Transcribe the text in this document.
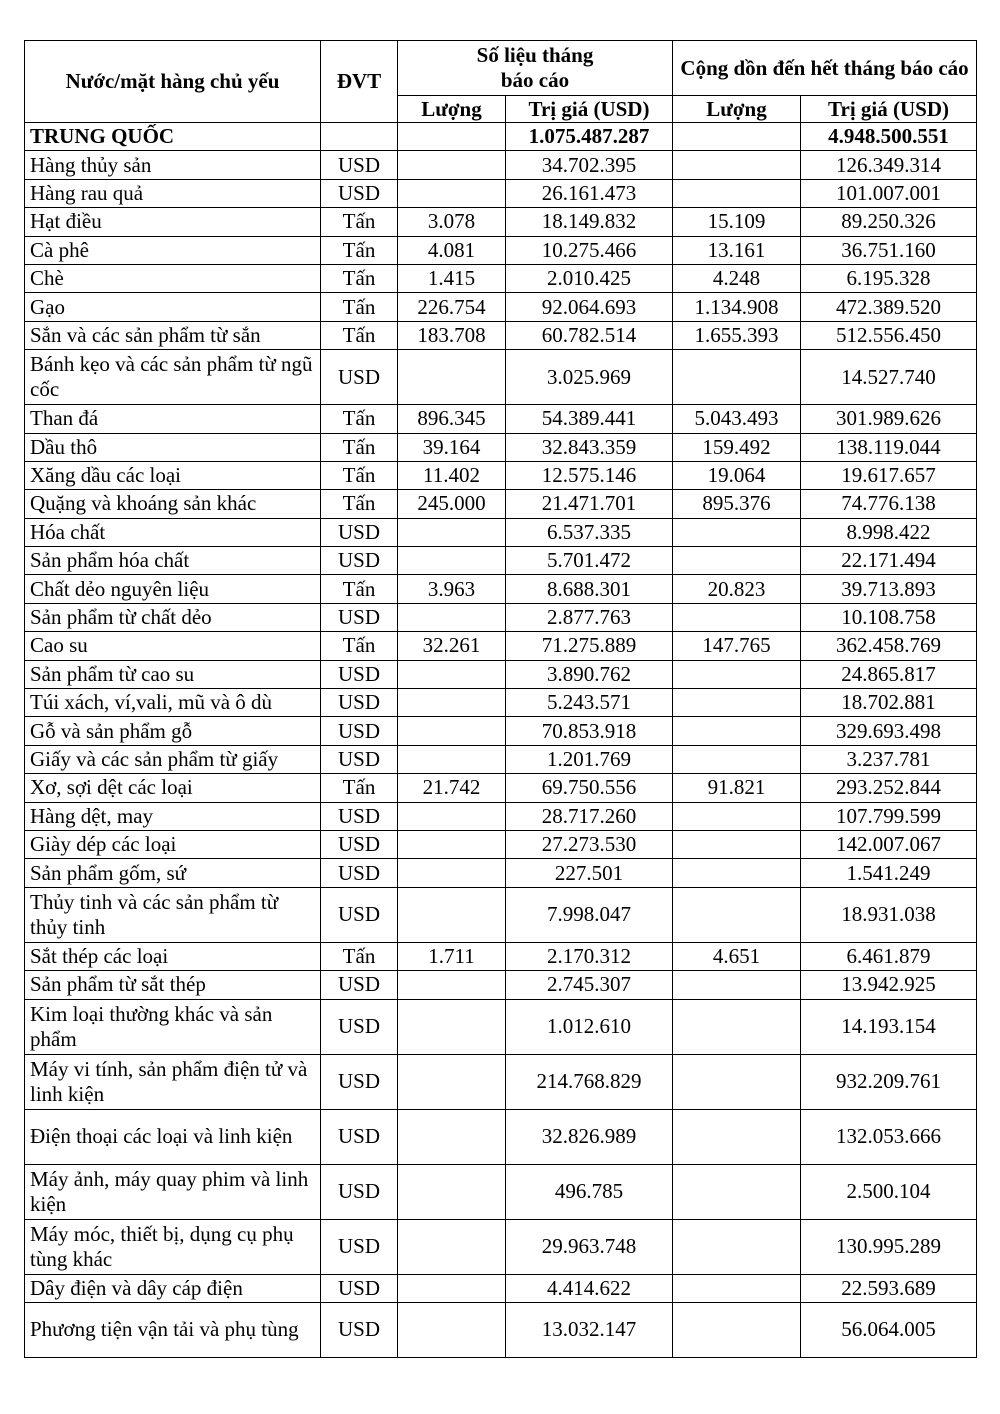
Nước/mặt hàng chủ yếu	ĐVT	Số liệu tháng báo cáo		Cộng dồn đến hết tháng báo cáo	
		Lượng	Trị giá (USD)	Lượng	Trị giá (USD)
TRUNG QUỐC			1.075.487.287		4.948.500.551
Hàng thủy sản	USD		34.702.395		126.349.314
Hàng rau quả	USD		26.161.473		101.007.001
Hạt điều	Tấn	3.078	18.149.832	15.109	89.250.326
Cà phê	Tấn	4.081	10.275.466	13.161	36.751.160
Chè	Tấn	1.415	2.010.425	4.248	6.195.328
Gạo	Tấn	226.754	92.064.693	1.134.908	472.389.520
Sắn và các sản phẩm từ sắn	Tấn	183.708	60.782.514	1.655.393	512.556.450
Bánh kẹo và các sản phẩm từ ngũ cốc	USD		3.025.969		14.527.740
Than đá	Tấn	896.345	54.389.441	5.043.493	301.989.626
Dầu thô	Tấn	39.164	32.843.359	159.492	138.119.044
Xăng dầu các loại	Tấn	11.402	12.575.146	19.064	19.617.657
Quặng và khoáng sản khác	Tấn	245.000	21.471.701	895.376	74.776.138
Hóa chất	USD		6.537.335		8.998.422
Sản phẩm hóa chất	USD		5.701.472		22.171.494
Chất dẻo nguyên liệu	Tấn	3.963	8.688.301	20.823	39.713.893
Sản phẩm từ chất dẻo	USD		2.877.763		10.108.758
Cao su	Tấn	32.261	71.275.889	147.765	362.458.769
Sản phẩm từ cao su	USD		3.890.762		24.865.817
Túi xách, ví,vali, mũ và ô dù	USD		5.243.571		18.702.881
Gỗ và sản phẩm gỗ	USD		70.853.918		329.693.498
Giấy và các sản phẩm từ giấy	USD		1.201.769		3.237.781
Xơ, sợi dệt các loại	Tấn	21.742	69.750.556	91.821	293.252.844
Hàng dệt, may	USD		28.717.260		107.799.599
Giày dép các loại	USD		27.273.530		142.007.067
Sản phẩm gốm, sứ	USD		227.501		1.541.249
Thủy tinh và các sản phẩm từ thủy tinh	USD		7.998.047		18.931.038
Sắt thép các loại	Tấn	1.711	2.170.312	4.651	6.461.879
Sản phẩm từ sắt thép	USD		2.745.307		13.942.925
Kim loại thường khác và sản phẩm	USD		1.012.610		14.193.154
Máy vi tính, sản phẩm điện tử và linh kiện	USD		214.768.829		932.209.761
Điện thoại các loại và linh kiện	USD		32.826.989		132.053.666
Máy ảnh, máy quay phim và linh kiện	USD		496.785		2.500.104
Máy móc, thiết bị, dụng cụ phụ tùng khác	USD		29.963.748		130.995.289
Dây điện và dây cáp điện	USD		4.414.622		22.593.689
Phương tiện vận tải và phụ tùng	USD		13.032.147		56.064.005
